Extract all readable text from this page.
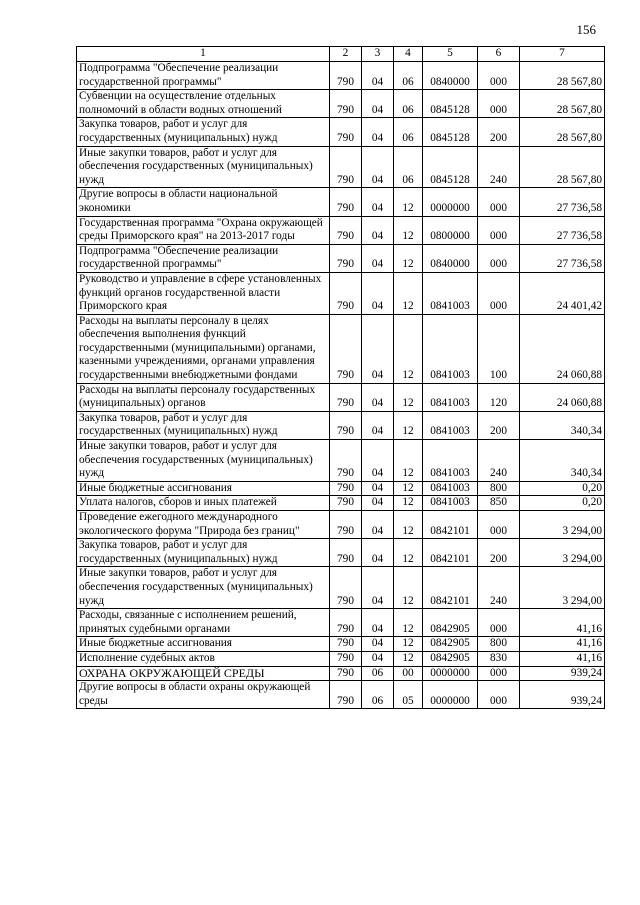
156
1	2	3	4	5	6	7
Подпрограмма "Обеспечение реализации государственной программы"	790	04	06	0840000	000	28 567,80
Субвенции на осуществление отдельных полномочий в области водных отношений	790	04	06	0845128	000	28 567,80
Закупка товаров, работ и услуг для государственных (муниципальных) нужд	790	04	06	0845128	200	28 567,80
Иные закупки товаров, работ и услуг для обеспечения государственных (муниципальных) нужд	790	04	06	0845128	240	28 567,80
Другие вопросы в области национальной экономики	790	04	12	0000000	000	27 736,58
Государственная программа "Охрана окружающей среды Приморского края" на 2013-2017 годы	790	04	12	0800000	000	27 736,58
Подпрограмма "Обеспечение реализации государственной программы"	790	04	12	0840000	000	27 736,58
Руководство и управление в сфере установленных функций органов государственной власти Приморского края	790	04	12	0841003	000	24 401,42
Расходы на выплаты персоналу в целях обеспечения выполнения функций государственными (муниципальными) органами, казенными учреждениями, органами управления государственными внебюджетными фондами	790	04	12	0841003	100	24 060,88
Расходы на выплаты персоналу государственных (муниципальных) органов	790	04	12	0841003	120	24 060,88
Закупка товаров, работ и услуг для государственных (муниципальных) нужд	790	04	12	0841003	200	340,34
Иные закупки товаров, работ и услуг для обеспечения государственных (муниципальных) нужд	790	04	12	0841003	240	340,34
Иные бюджетные ассигнования	790	04	12	0841003	800	0,20
Уплата налогов, сборов и иных платежей	790	04	12	0841003	850	0,20
Проведение ежегодного международного экологического форума "Природа без границ"	790	04	12	0842101	000	3 294,00
Закупка товаров, работ и услуг для государственных (муниципальных) нужд	790	04	12	0842101	200	3 294,00
Иные закупки товаров, работ и услуг для обеспечения государственных (муниципальных) нужд	790	04	12	0842101	240	3 294,00
Расходы, связанные с исполнением решений, принятых судебными органами	790	04	12	0842905	000	41,16
Иные бюджетные ассигнования	790	04	12	0842905	800	41,16
Исполнение судебных актов	790	04	12	0842905	830	41,16
ОХРАНА ОКРУЖАЮЩЕЙ СРЕДЫ	790	06	00	0000000	000	939,24
Другие вопросы в области охраны окружающей среды	790	06	05	0000000	000	939,24
